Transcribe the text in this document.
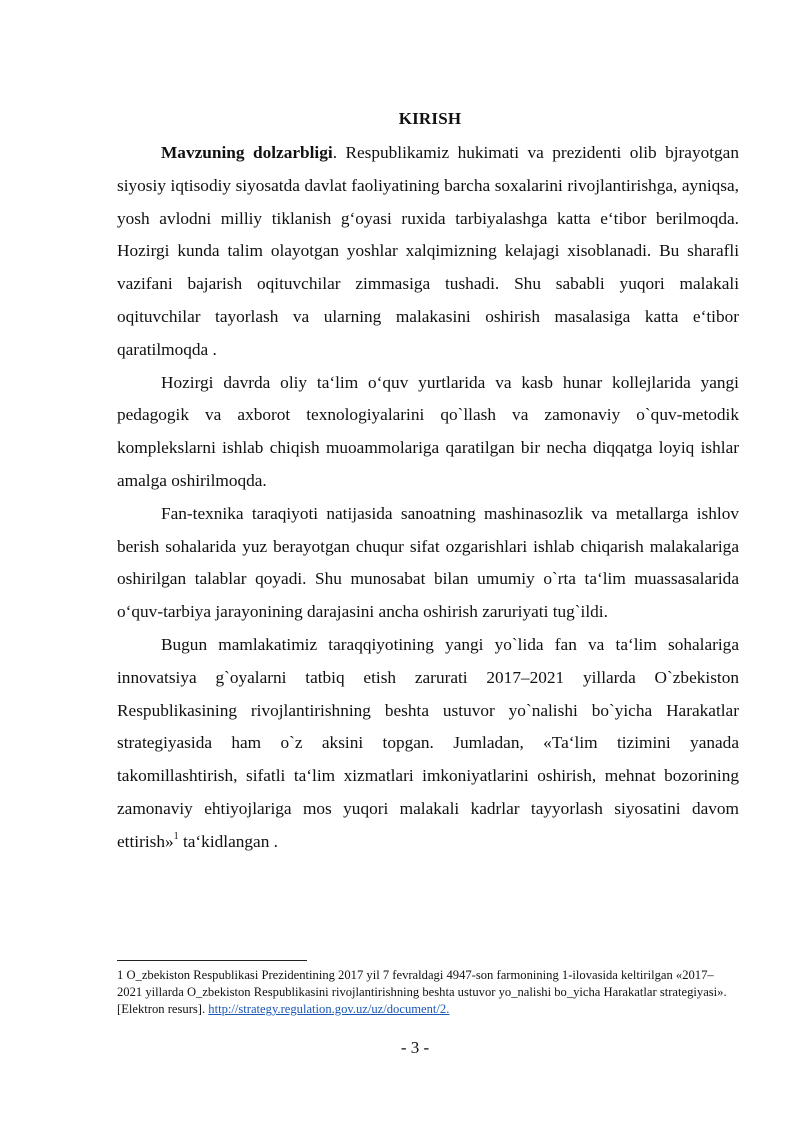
KIRISH

Mavzuning dolzarbligi. Respublikamiz hukimati va prezidenti olib bjrayotgan siyosiy iqtisodiy siyosatda davlat faoliyatining barcha soxalarini rivojlantirishga, ayniqsa, yosh avlodni milliy tiklanish g‘oyasi ruxida tarbiyalashga katta e‘tibor berilmoqda. Hozirgi kunda talim olayotgan yoshlar xalqimizning kelajagi xisoblanadi. Bu sharafli vazifani bajarish oqituvchilar zimmasiga tushadi. Shu sababli yuqori malakali oqituvchilar tayorlash va ularning malakasini oshirish masalasiga katta e‘tibor qaratilmoqda .

Hozirgi davrda oliy ta‘lim o‘quv yurtlarida va kasb hunar kollejlarida yangi pedagogik va axborot texnologiyalarini qo`llash va zamonaviy o`quv-metodik komplekslarni ishlab chiqish muoammolariga qaratilgan bir necha diqqatga loyiq ishlar amalga oshirilmoqda.

Fan-texnika taraqiyoti natijasida sanoatning mashinasozlik va metallarga ishlov berish sohalarida yuz berayotgan chuqur sifat ozgarishlari ishlab chiqarish malakalariga oshirilgan talablar qoyadi. Shu munosabat bilan umumiy o`rta ta‘lim muassasalarida o‘quv-tarbiya jarayonining darajasini ancha oshirish zaruriyati tug`ildi.

Bugun mamlakatimiz taraqqiyotining yangi yo`lida fan va ta‘lim sohalariga innovatsiya g`oyalarni tatbiq etish zarurati 2017–2021 yillarda O`zbekiston Respublikasining rivojlantirishning beshta ustuvor yo`nalishi bo`yicha Harakatlar strategiyasida ham o`z aksini topgan. Jumladan, «Ta‘lim tizimini yanada takomillashtirish, sifatli ta‘lim xizmatlari imkoniyatlarini oshirish, mehnat bozorining zamonaviy ehtiyojlariga mos yuqori malakali kadrlar tayyorlash siyosatini davom ettirish»$^1$ ta‘kidlangan .

1 O_zbekiston Respublikasi Prezidentining 2017 yil 7 fevraldagi 4947-son farmonining 1-ilovasida keltirilgan «2017– 2021 yillarda O_zbekiston Respublikasini rivojlantirishning beshta ustuvor yo_nalishi bo_yicha Harakatlar strategiyasi».[Elektron resurs]. http://strategy.regulation.gov.uz/uz/document/2.
- 3 -
